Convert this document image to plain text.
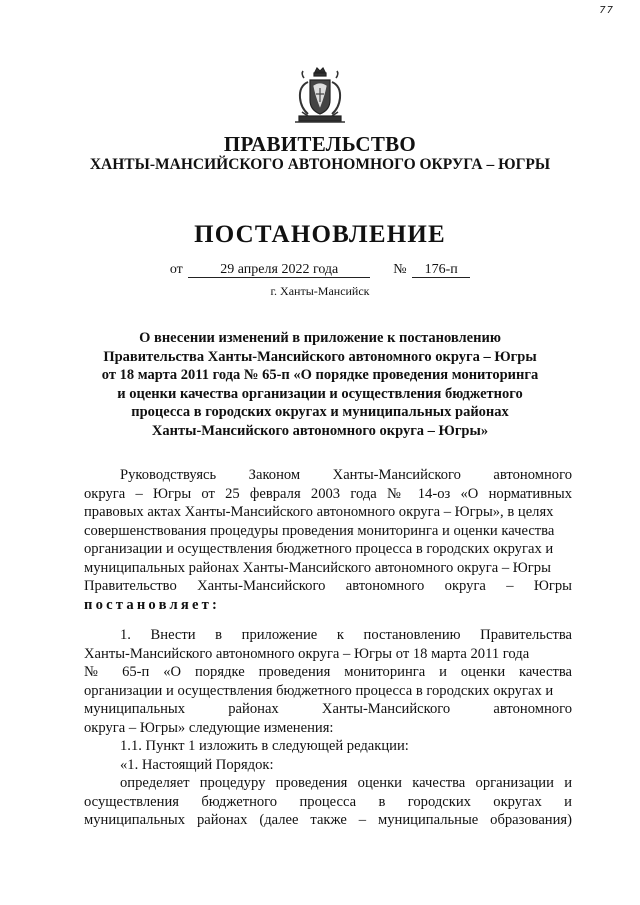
77
ПРАВИТЕЛЬСТВО
ХАНТЫ-МАНСИЙСКОГО АВТОНОМНОГО ОКРУГА – ЮГРЫ
ПОСТАНОВЛЕНИЕ
от	29 апреля 2022 года	№ 176-п
г. Ханты-Мансийск
О внесении изменений в приложение к постановлению
Правительства Ханты-Мансийского автономного округа – Югры
от 18 марта 2011 года № 65-п «О порядке проведения мониторинга
и оценки качества организации и осуществления бюджетного
процесса в городских округах и муниципальных районах
Ханты-Мансийского автономного округа – Югры»
Руководствуясь Законом Ханты-Мансийского автономного
округа – Югры от 25 февраля 2003 года № 14-оз «О нормативных
правовых актах Ханты-Мансийского автономного округа – Югры», в целях
совершенствования процедуры проведения мониторинга и оценки качества
организации и осуществления бюджетного процесса в городских округах и
муниципальных районах Ханты-Мансийского автономного округа – Югры
Правительство Ханты-Мансийского автономного округа – Югры
постановляет:
1. Внести в приложение к постановлению Правительства
Ханты-Мансийского автономного округа – Югры от 18 марта 2011 года
№ 65-п «О порядке проведения мониторинга и оценки качества
организации и осуществления бюджетного процесса в городских округах и
муниципальных районах Ханты-Мансийского автономного
округа – Югры» следующие изменения:
1.1. Пункт 1 изложить в следующей редакции:
«1. Настоящий Порядок:
определяет процедуру проведения оценки качества организации и
осуществления бюджетного процесса в городских округах и
муниципальных районах (далее также – муниципальные образования)
